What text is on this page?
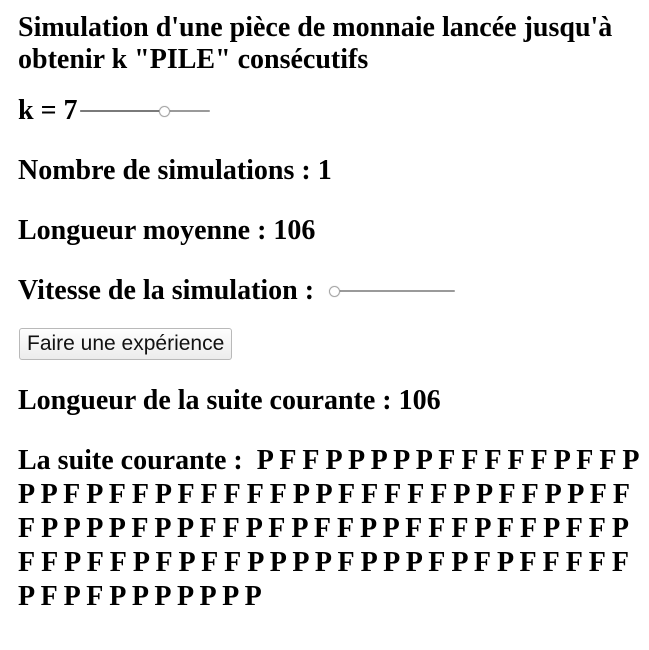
Simulation d'une pièce de monnaie lancée jusqu'à obtenir k "PILE" consécutifs
k = 7
Nombre de simulations : 1
Longueur moyenne : 106
Vitesse de la simulation :
Faire une expérience
Longueur de la suite courante : 106
La suite courante :  P F F P P P P P F F F F F P F F P P P F P F F P F F F F F P P F F F F F P P F F P P F F F P P P P F P P F F P F P F F P P F F F P F F P F F P F F P F F P F P F F P P P P F P P P F P F P F F F F F P F P F P P P P P P P
